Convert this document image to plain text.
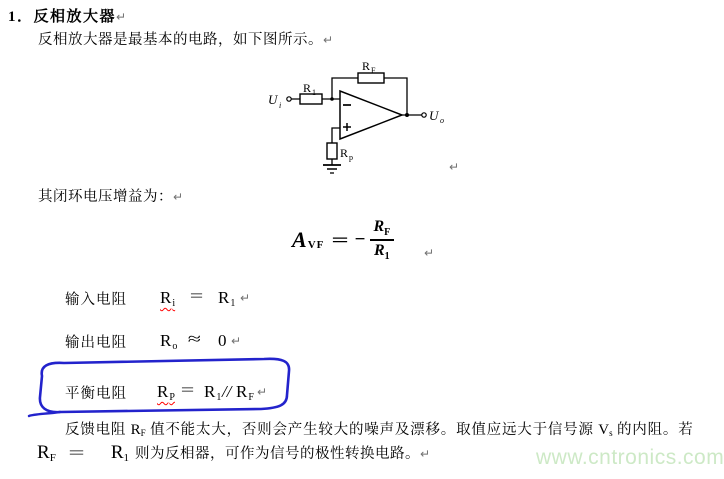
1．反相放大器↵
反相放大器是最基本的电路，如下图所示。↵
U i
R 1
R F
R p
U o
↵
其闭环电压增益为：↵
A VF = − $\frac{R_F}{R_1}$ ↵
输入电阻 $R_i = R_1$ ↵
输出电阻 $R_o \approx 0$ ↵
平衡电阻 $R_P = R_1 // R_F$ ↵
反馈电阻 $R_F$ 值不能太大，否则会产生较大的噪声及漂移。取值应远大于信号源 $V_s$ 的内阻。若
$R_F = R_1$ 则为反相器，可作为信号的极性转换电路。↵	www.cntronics.com
